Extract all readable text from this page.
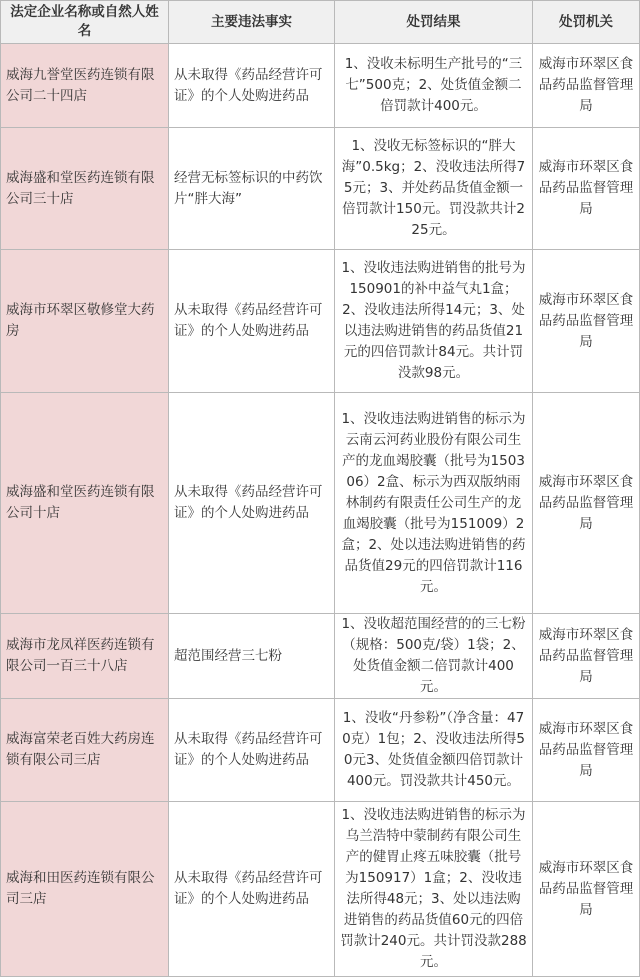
法定企业名称或自然人姓名	主要违法事实	处罚结果	处罚机关
威海九誉堂医药连锁有限公司二十四店	从未取得《药品经营许可证》的个人处购进药品	1、没收未标明生产批号的“三七”500克；2、处货值金额二倍罚款计400元。	威海市环翠区食品药品监督管理局
威海盛和堂医药连锁有限公司三十店	经营无标签标识的中药饮片“胖大海”	1、没收无标签标识的“胖大海”0.5kg；2、没收违法所得75元；3、并处药品货值金额一倍罚款计150元。罚没款共计225元。	威海市环翠区食品药品监督管理局
威海市环翠区敬修堂大药房	从未取得《药品经营许可证》的个人处购进药品	1、没收违法购进销售的批号为150901的补中益气丸1盒；2、没收违法所得14元；3、处以违法购进销售的药品货值21元的四倍罚款计84元。共计罚没款98元。	威海市环翠区食品药品监督管理局
威海盛和堂医药连锁有限公司十店	从未取得《药品经营许可证》的个人处购进药品	1、没收违法购进销售的标示为云南云河药业股份有限公司生产的龙血竭胶囊（批号为150306）2盒、标示为西双版纳雨林制药有限责任公司生产的龙血竭胶囊（批号为151009）2盒；2、处以违法购进销售的药品货值29元的四倍罚款计116元。	威海市环翠区食品药品监督管理局
威海市龙凤祥医药连锁有限公司一百三十八店	超范围经营三七粉	1、没收超范围经营的的三七粉（规格：500克/袋）1袋；2、处货值金额二倍罚款计400元。	威海市环翠区食品药品监督管理局
威海富荣老百姓大药房连锁有限公司三店	从未取得《药品经营许可证》的个人处购进药品	1、没收“丹参粉”（净含量：470克）1包；2、没收违法所得50元3、处货值金额四倍罚款计400元。罚没款共计450元。	威海市环翠区食品药品监督管理局
威海和田医药连锁有限公司三店	从未取得《药品经营许可证》的个人处购进药品	1、没收违法购进销售的标示为乌兰浩特中蒙制药有限公司生产的健胃止疼五味胶囊（批号为150917）1盒；2、没收违法所得48元；3、处以违法购进销售的药品货值60元的四倍罚款计240元。共计罚没款288元。	威海市环翠区食品药品监督管理局
